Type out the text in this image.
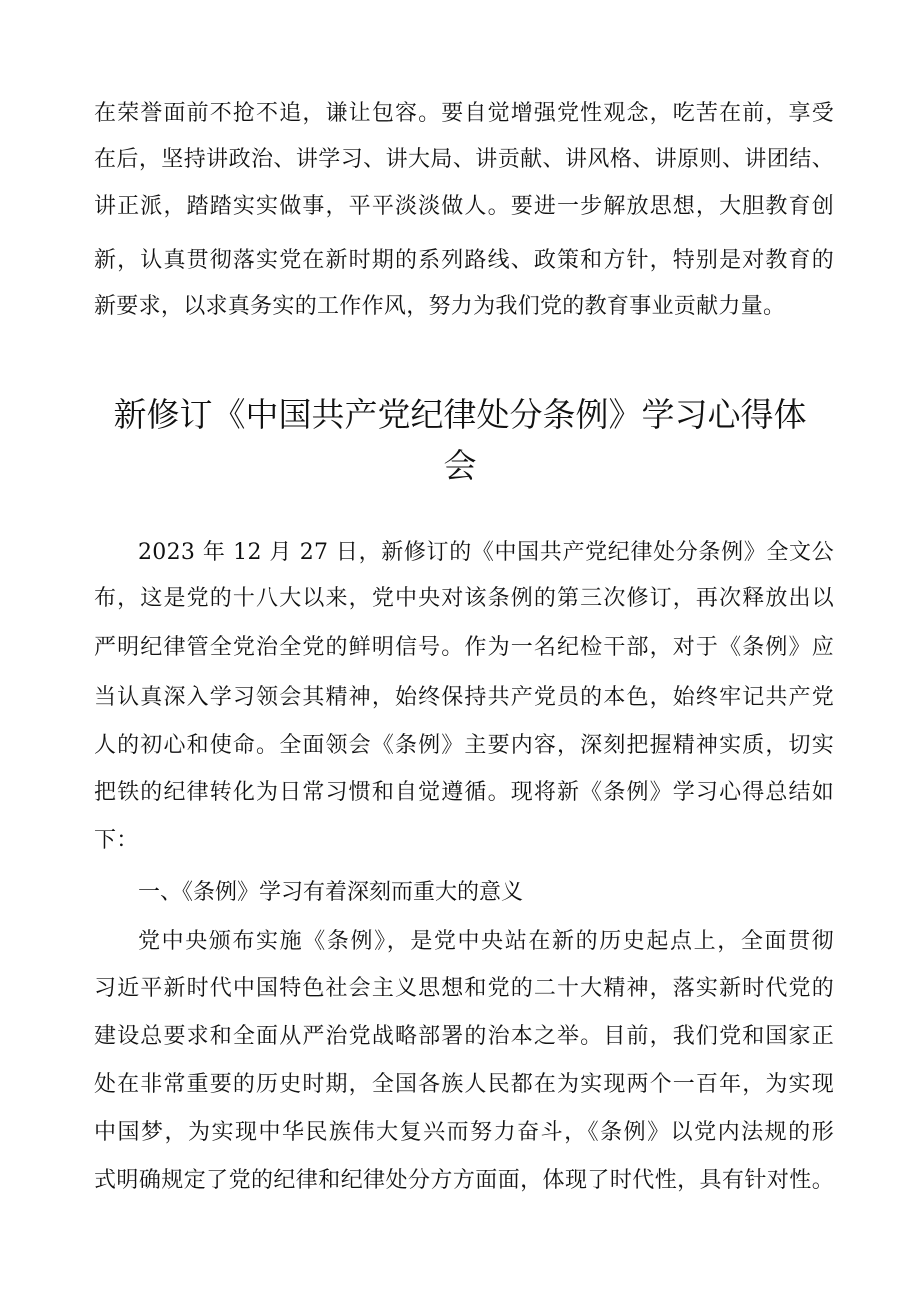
在荣誉面前不抢不追，谦让包容。要自觉增强党性观念，吃苦在前，享受
在后，坚持讲政治、讲学习、讲大局、讲贡献、讲风格、讲原则、讲团结、
讲正派，踏踏实实做事，平平淡淡做人。要进一步解放思想，大胆教育创
新，认真贯彻落实党在新时期的系列路线、政策和方针，特别是对教育的
新要求，以求真务实的工作作风，努力为我们党的教育事业贡献力量。
新修订《中国共产党纪律处分条例》学习心得体
会
2023 年 12 月 27 日，新修订的《中国共产党纪律处分条例》全文公
布，这是党的十八大以来，党中央对该条例的第三次修订，再次释放出以
严明纪律管全党治全党的鲜明信号。作为一名纪检干部，对于《条例》应
当认真深入学习领会其精神，始终保持共产党员的本色，始终牢记共产党
人的初心和使命。全面领会《条例》主要内容，深刻把握精神实质，切实
把铁的纪律转化为日常习惯和自觉遵循。现将新《条例》学习心得总结如
下：
一、《条例》学习有着深刻而重大的意义
党中央颁布实施《条例》，是党中央站在新的历史起点上，全面贯彻
习近平新时代中国特色社会主义思想和党的二十大精神，落实新时代党的
建设总要求和全面从严治党战略部署的治本之举。目前，我们党和国家正
处在非常重要的历史时期，全国各族人民都在为实现两个一百年，为实现
中国梦，为实现中华民族伟大复兴而努力奋斗，《条例》以党内法规的形
式明确规定了党的纪律和纪律处分方方面面，体现了时代性，具有针对性。
